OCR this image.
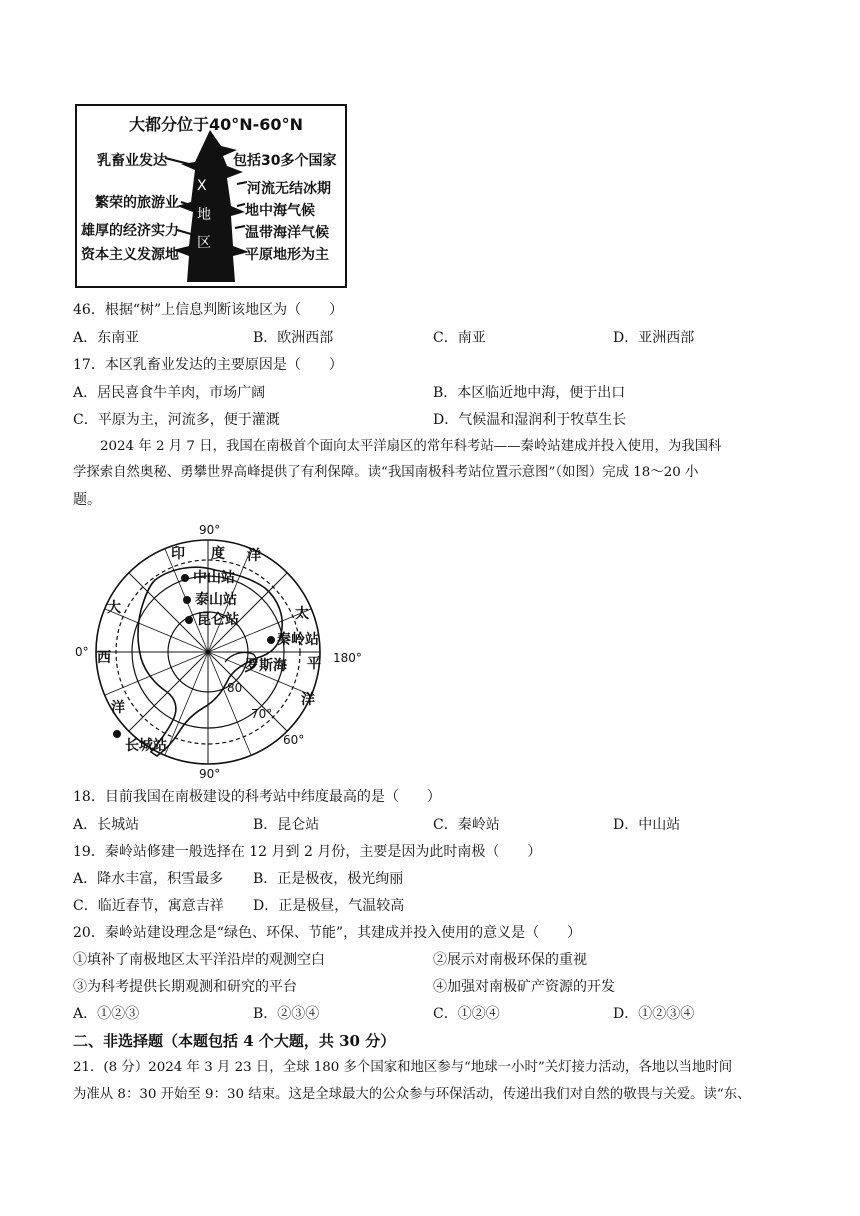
大都分位于40°N-60°N
X
地
区
乳畜业发达
繁荣的旅游业
雄厚的经济实力
资本主义发源地
包括30多个国家
河流无结冰期
地中海气候
温带海洋气候
平原地形为主
46．根据“树”上信息判断该地区为（　　）
A．东南亚	B．欧洲西部	C．南亚	D．亚洲西部
17．本区乳畜业发达的主要原因是（　　）
A．居民喜食牛羊肉，市场广阔	B．本区临近地中海，便于出口
C．平原为主，河流多，便于灌溉	D．气候温和湿润利于牧草生长
2024 年 2 月 7 日，我国在南极首个面向太平洋扇区的常年科考站——秦岭站建成并投入使用，为我国科
学探索自然奥秘、勇攀世界高峰提供了有利保障。读“我国南极科考站位置示意图”（如图）完成 18～20 小
题。
90°
90°
0°	180°
60°
70°
80
印 度 洋
大
西
洋
太
平
洋
中山站
泰山站
昆仑站
秦岭站
长城站
罗斯海
18．目前我国在南极建设的科考站中纬度最高的是（　　）
A．长城站	B．昆仑站	C．秦岭站	D．中山站
19．秦岭站修建一般选择在 12 月到 2 月份，主要是因为此时南极（　　）
A．降水丰富，积雪最多 B．正是极夜，极光绚丽
C．临近春节，寓意吉祥 D．正是极昼，气温较高
20．秦岭站建设理念是“绿色、环保、节能”，其建成并投入使用的意义是（　　）
①填补了南极地区太平洋沿岸的观测空白	②展示对南极环保的重视
③为科考提供长期观测和研究的平台	④加强对南极矿产资源的开发
A．①②③	B．②③④	C．①②④	D．①②③④
二、非选择题（本题包括 4 个大题，共 30 分）
21．(8 分）2024 年 3 月 23 日，全球 180 多个国家和地区参与“地球一小时”关灯接力活动，各地以当地时间
为准从 8：30 开始至 9：30 结束。这是全球最大的公众参与环保活动，传递出我们对自然的敬畏与关爱。读“东、
